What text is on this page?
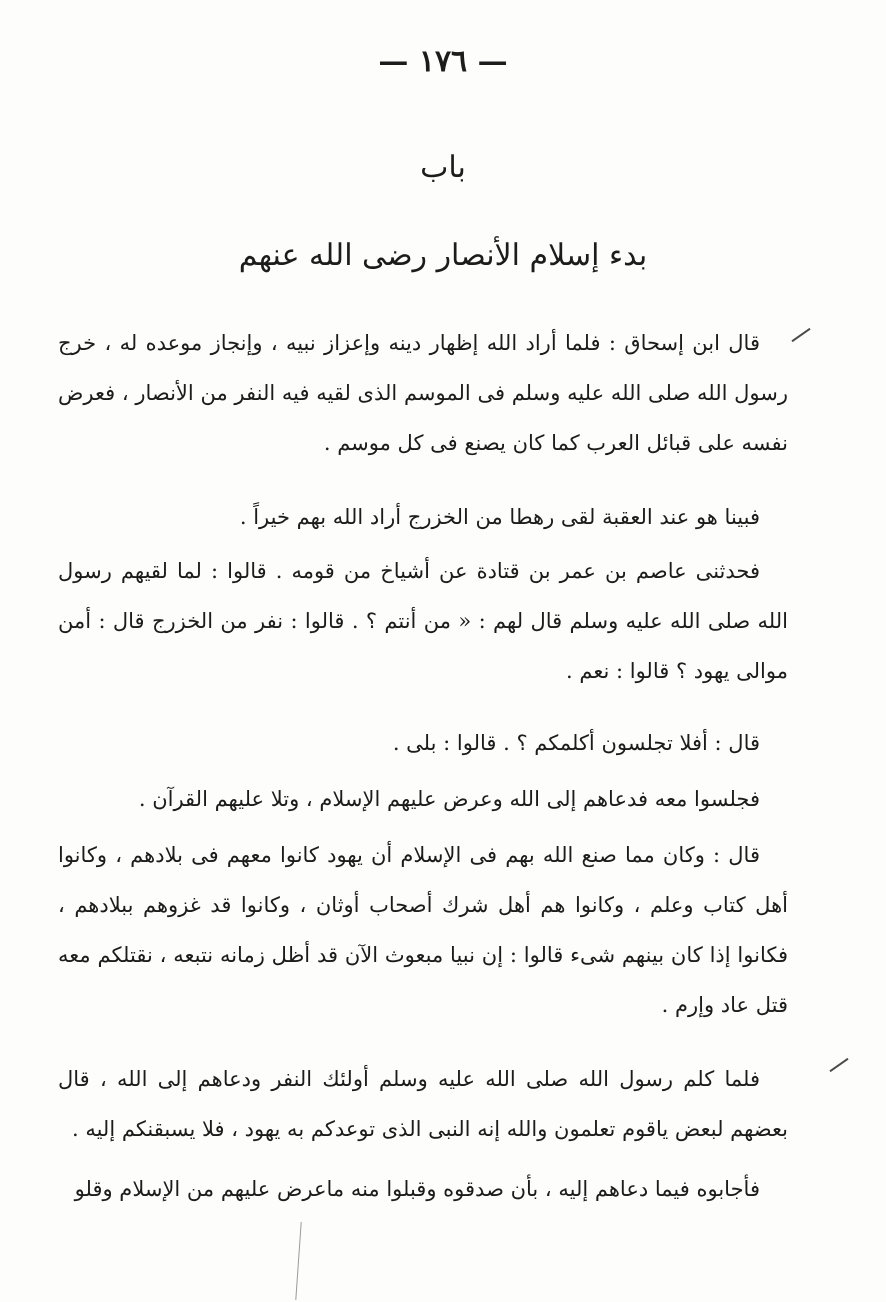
— ١٧٦ —
باب
بدء إسلام الأنصار رضى الله عنهم

قال ابن إسحاق : فلما أراد الله إظهار دينه وإعزاز نبيه ، وإنجاز موعده له ، خرج رسول الله صلى الله عليه وسلم فى الموسم الذى لقيه فيه النفر من الأنصار ، فعرض نفسه على قبائل العرب كما كان يصنع فى كل موسم .

فبينا هو عند العقبة لقى رهطا من الخزرج أراد الله بهم خيراً .

فحدثنى عاصم بن عمر بن قتادة عن أشياخ من قومه . قالوا : لما لقيهم رسول الله صلى الله عليه وسلم قال لهم : « من أنتم ؟ . قالوا : نفر من الخزرج قال : أمن موالى يهود ؟ قالوا : نعم .

قال : أفلا تجلسون أكلمكم ؟ . قالوا : بلى .

فجلسوا معه فدعاهم إلى الله وعرض عليهم الإسلام ، وتلا عليهم القرآن .

قال : وكان مما صنع الله بهم فى الإسلام أن يهود كانوا معهم فى بلادهم ، وكانوا أهل كتاب وعلم ، وكانوا هم أهل شرك أصحاب أوثان ، وكانوا قد غزوهم ببلادهم ، فكانوا إذا كان بينهم شىء قالوا : إن نبيا مبعوث الآن قد أظل زمانه نتبعه ، نقتلكم معه قتل عاد وإرم .

فلما كلم رسول الله صلى الله عليه وسلم أولئك النفر ودعاهم إلى الله ، قال بعضهم لبعض ياقوم تعلمون والله إنه النبى الذى توعدكم به يهود ، فلا يسبقنكم إليه .

فأجابوه فيما دعاهم إليه ، بأن صدقوه وقبلوا منه ماعرض عليهم من الإسلام وقلو
